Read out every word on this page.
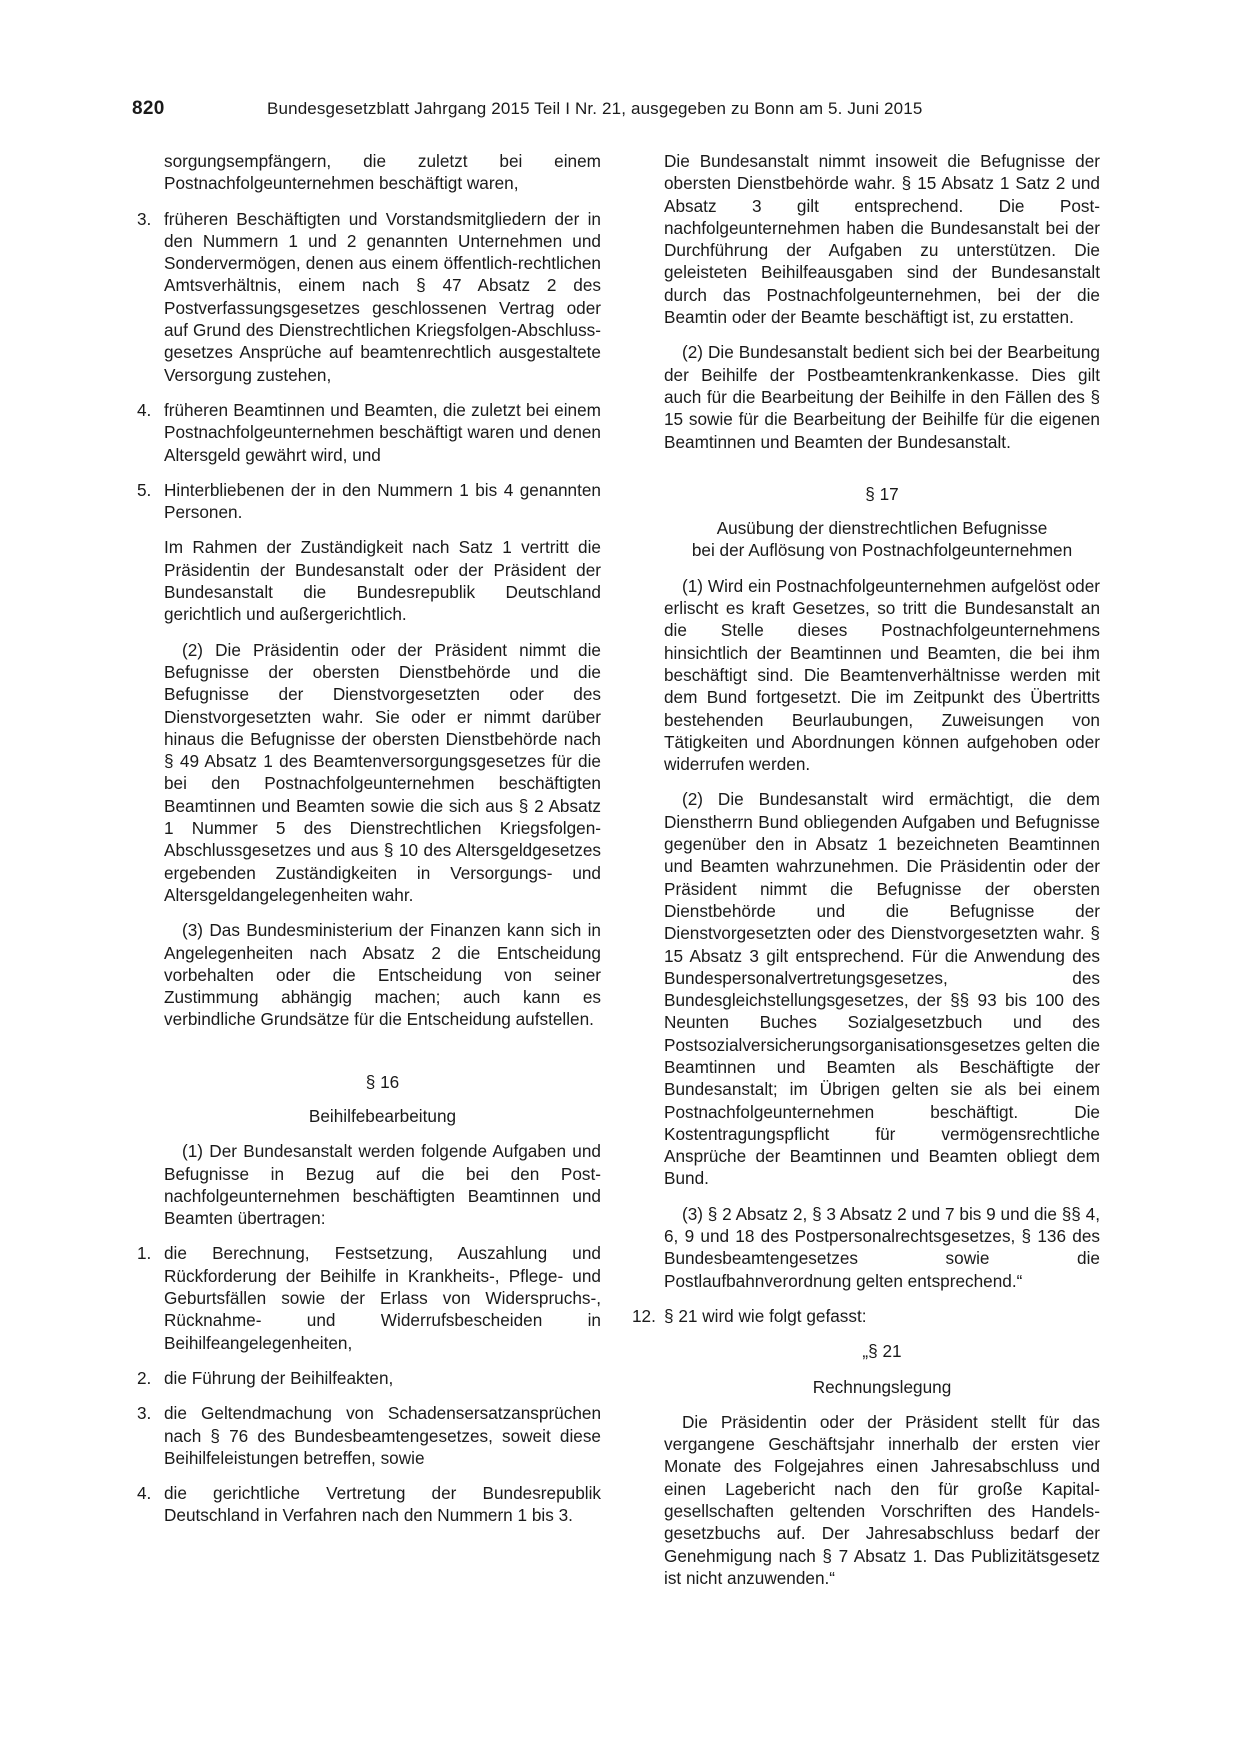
820	Bundesgesetzblatt Jahrgang 2015 Teil I Nr. 21, ausgegeben zu Bonn am 5. Juni 2015
sorgungsempfängern, die zuletzt bei einem Postnachfolgeunternehmen beschäftigt waren,
3. früheren Beschäftigten und Vorstandsmitgliedern der in den Nummern 1 und 2 genannten Unternehmen und Sondervermögen, denen aus einem öffentlich-rechtlichen Amtsverhältnis, einem nach § 47 Absatz 2 des Postverfassungsgesetzes geschlossenen Vertrag oder auf Grund des Dienstrechtlichen Kriegsfolgen-Abschlussgesetzes Ansprüche auf beamtenrechtlich ausgestaltete Versorgung zustehen,
4. früheren Beamtinnen und Beamten, die zuletzt bei einem Postnachfolgeunternehmen beschäftigt waren und denen Altersgeld gewährt wird, und
5. Hinterbliebenen der in den Nummern 1 bis 4 genannten Personen.

Im Rahmen der Zuständigkeit nach Satz 1 vertritt die Präsidentin der Bundesanstalt oder der Präsident der Bundesanstalt die Bundesrepublik Deutschland gerichtlich und außergerichtlich.

(2) Die Präsidentin oder der Präsident nimmt die Befugnisse der obersten Dienstbehörde und die Befugnisse der Dienstvorgesetzten oder des Dienstvorgesetzten wahr. Sie oder er nimmt darüber hinaus die Befugnisse der obersten Dienstbehörde nach § 49 Absatz 1 des Beamtenversorgungsgesetzes für die bei den Postnachfolgeunternehmen beschäftigten Beamtinnen und Beamten sowie die sich aus § 2 Absatz 1 Nummer 5 des Dienstrechtlichen Kriegsfolgen-Abschlussgesetzes und aus § 10 des Altersgeldgesetzes ergebenden Zuständigkeiten in Versorgungs- und Altersgeldangelegenheiten wahr.

(3) Das Bundesministerium der Finanzen kann sich in Angelegenheiten nach Absatz 2 die Entscheidung vorbehalten oder die Entscheidung von seiner Zustimmung abhängig machen; auch kann es verbindliche Grundsätze für die Entscheidung aufstellen.

§ 16
Beihilfebearbeitung

(1) Der Bundesanstalt werden folgende Aufgaben und Befugnisse in Bezug auf die bei den Postnachfolgeunternehmen beschäftigten Beamtinnen und Beamten übertragen:

1. die Berechnung, Festsetzung, Auszahlung und Rückforderung der Beihilfe in Krankheits-, Pflege- und Geburtsfällen sowie der Erlass von Widerspruchs-, Rücknahme- und Widerrufsbescheiden in Beihilfeangelegenheiten,
2. die Führung der Beihilfeakten,
3. die Geltendmachung von Schadensersatzansprüchen nach § 76 des Bundesbeamtengesetzes, soweit diese Beihilfeleistungen betreffen, sowie
4. die gerichtliche Vertretung der Bundesrepublik Deutschland in Verfahren nach den Nummern 1 bis 3.

Die Bundesanstalt nimmt insoweit die Befugnisse der obersten Dienstbehörde wahr. § 15 Absatz 1 Satz 2 und Absatz 3 gilt entsprechend. Die Postnachfolgeunternehmen haben die Bundesanstalt bei der Durchführung der Aufgaben zu unterstützen. Die geleisteten Beihilfeausgaben sind der Bundesanstalt durch das Postnachfolgeunternehmen, bei der die Beamtin oder der Beamte beschäftigt ist, zu erstatten.

(2) Die Bundesanstalt bedient sich bei der Bearbeitung der Beihilfe der Postbeamtenkrankenkasse. Dies gilt auch für die Bearbeitung der Beihilfe in den Fällen des § 15 sowie für die Bearbeitung der Beihilfe für die eigenen Beamtinnen und Beamten der Bundesanstalt.

§ 17
Ausübung der dienstrechtlichen Befugnisse
bei der Auflösung von Postnachfolgeunternehmen

(1) Wird ein Postnachfolgeunternehmen aufgelöst oder erlischt es kraft Gesetzes, so tritt die Bundesanstalt an die Stelle dieses Postnachfolgeunternehmens hinsichtlich der Beamtinnen und Beamten, die bei ihm beschäftigt sind. Die Beamtenverhältnisse werden mit dem Bund fortgesetzt. Die im Zeitpunkt des Übertritts bestehenden Beurlaubungen, Zuweisungen von Tätigkeiten und Abordnungen können aufgehoben oder widerrufen werden.

(2) Die Bundesanstalt wird ermächtigt, die dem Dienstherrn Bund obliegenden Aufgaben und Befugnisse gegenüber den in Absatz 1 bezeichneten Beamtinnen und Beamten wahrzunehmen. Die Präsidentin oder der Präsident nimmt die Befugnisse der obersten Dienstbehörde und die Befugnisse der Dienstvorgesetzten oder des Dienstvorgesetzten wahr. § 15 Absatz 3 gilt entsprechend. Für die Anwendung des Bundespersonalvertretungsgesetzes, des Bundesgleichstellungsgesetzes, der §§ 93 bis 100 des Neunten Buches Sozialgesetzbuch und des Postsozialversicherungsorganisationsgesetzes gelten die Beamtinnen und Beamten als Beschäftigte der Bundesanstalt; im Übrigen gelten sie als bei einem Postnachfolgeunternehmen beschäftigt. Die Kostentragungspflicht für vermögensrechtliche Ansprüche der Beamtinnen und Beamten obliegt dem Bund.

(3) § 2 Absatz 2, § 3 Absatz 2 und 7 bis 9 und die §§ 4, 6, 9 und 18 des Postpersonalrechtsgesetzes, § 136 des Bundesbeamtengesetzes sowie die Postlaufbahnverordnung gelten entsprechend.“

12. § 21 wird wie folgt gefasst:
„§ 21
Rechnungslegung

Die Präsidentin oder der Präsident stellt für das vergangene Geschäftsjahr innerhalb der ersten vier Monate des Folgejahres einen Jahresabschluss und einen Lagebericht nach den für große Kapitalgesellschaften geltenden Vorschriften des Handelsgesetzbuchs auf. Der Jahresabschluss bedarf der Genehmigung nach § 7 Absatz 1. Das Publizitätsgesetz ist nicht anzuwenden.“
